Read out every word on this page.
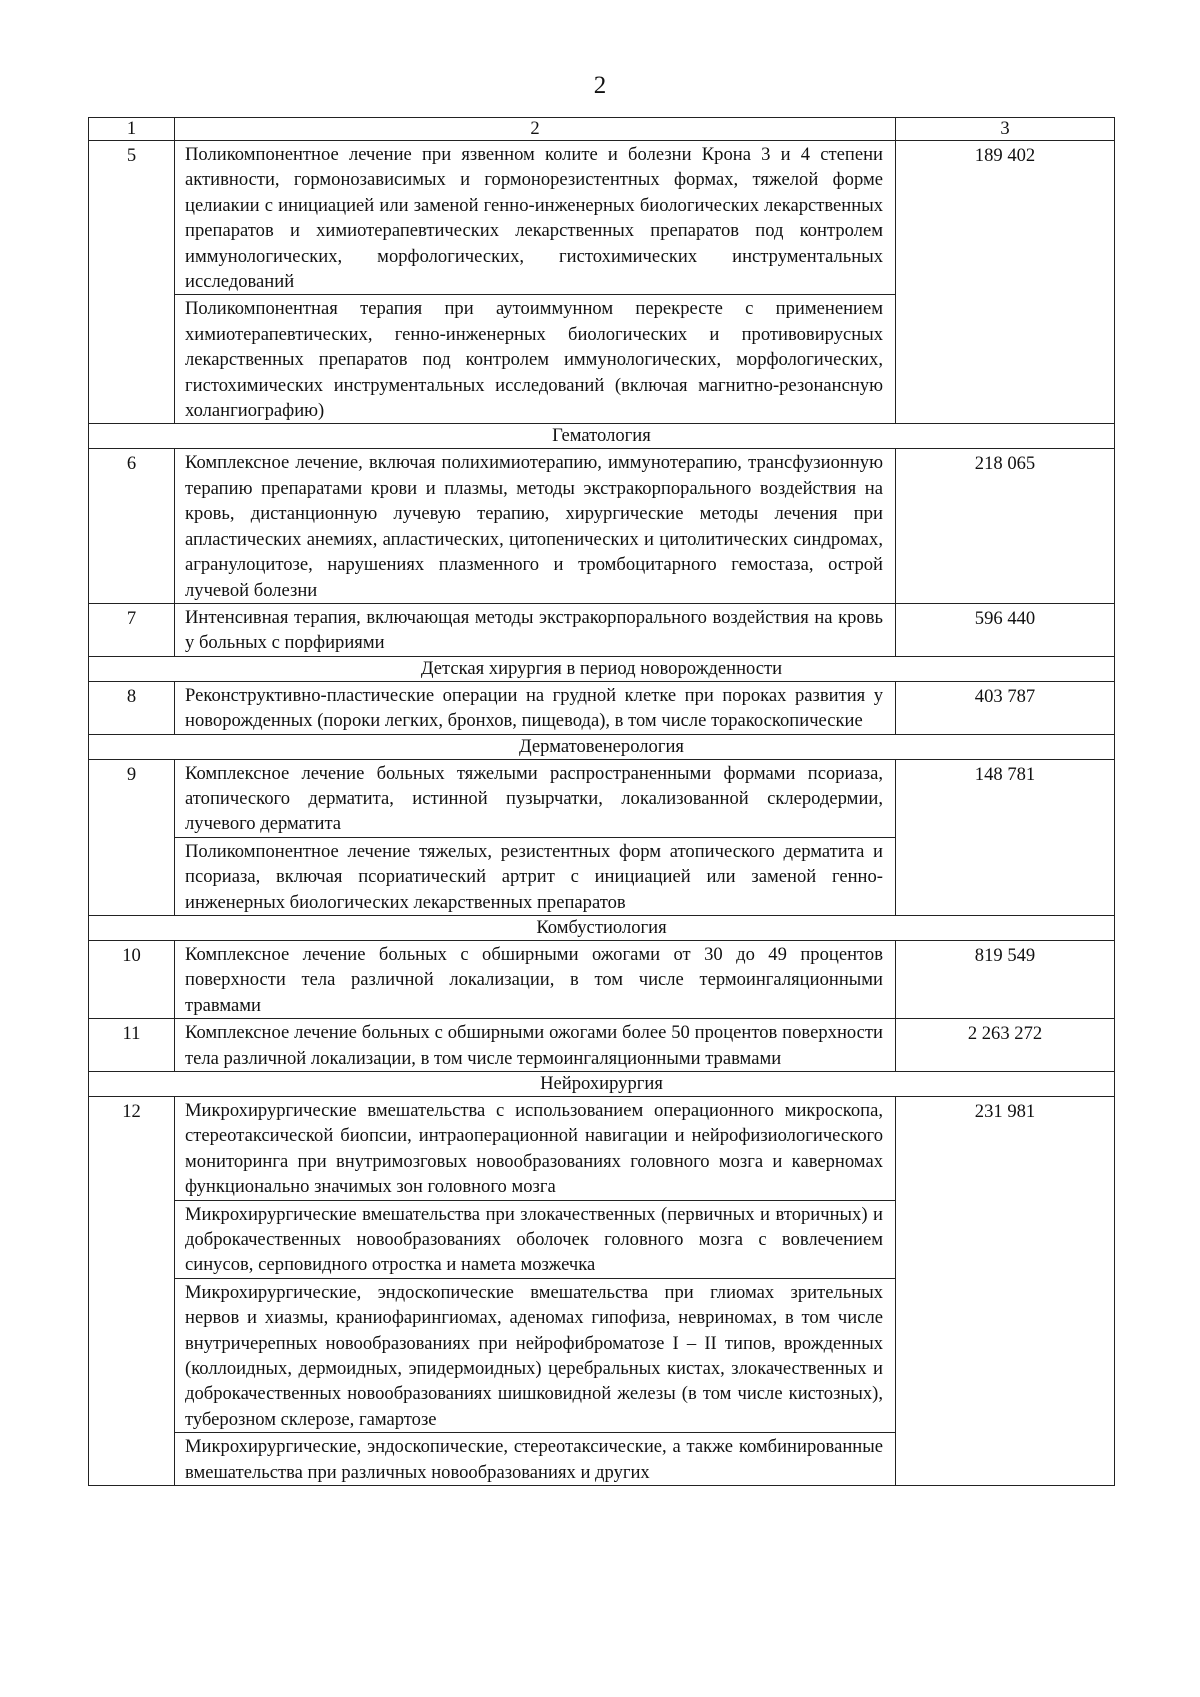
2
1	2	3
5	Поликомпонентное лечение при язвенном колите и болезни Крона 3 и 4 степени активности, гормонозависимых и гормонорезистентных формах, тяжелой форме целиакии с инициацией или заменой генно-инженерных биологических лекарственных препаратов и химиотерапевтических лекарственных препаратов под контролем иммунологических, морфологических, гистохимических инструментальных исследований	189 402
	Поликомпонентная терапия при аутоиммунном перекресте с применением химиотерапевтических, генно-инженерных биологических и противовирусных лекарственных препаратов под контролем иммунологических, морфологических, гистохимических инструментальных исследований (включая магнитно-резонансную холангиографию)	
Гематология		
6	Комплексное лечение, включая полихимиотерапию, иммунотерапию, трансфузионную терапию препаратами крови и плазмы, методы экстракорпорального воздействия на кровь, дистанционную лучевую терапию, хирургические методы лечения при апластических анемиях, апластических, цитопенических и цитолитических синдромах, агранулоцитозе, нарушениях плазменного и тромбоцитарного гемостаза, острой лучевой болезни	218 065
7	Интенсивная терапия, включающая методы экстракорпорального воздействия на кровь у больных с порфириями	596 440
Детская хирургия в период новорожденности		
8	Реконструктивно-пластические операции на грудной клетке при пороках развития у новорожденных (пороки легких, бронхов, пищевода), в том числе торакоскопические	403 787
Дерматовенерология		
9	Комплексное лечение больных тяжелыми распространенными формами псориаза, атопического дерматита, истинной пузырчатки, локализованной склеродермии, лучевого дерматита	148 781
	Поликомпонентное лечение тяжелых, резистентных форм атопического дерматита и псориаза, включая псориатический артрит с инициацией или заменой генно-инженерных биологических лекарственных препаратов	
Комбустиология		
10	Комплексное лечение больных с обширными ожогами от 30 до 49 процентов поверхности тела различной локализации, в том числе термоингаляционными травмами	819 549
11	Комплексное лечение больных с обширными ожогами более 50 процентов поверхности тела различной локализации, в том числе термоингаляционными травмами	2 263 272
Нейрохирургия		
12	Микрохирургические вмешательства с использованием операционного микроскопа, стереотаксической биопсии, интраоперационной навигации и нейрофизиологического мониторинга при внутримозговых новообразованиях головного мозга и каверномах функционально значимых зон головного мозга	231 981
	Микрохирургические вмешательства при злокачественных (первичных и вторичных) и доброкачественных новообразованиях оболочек головного мозга с вовлечением синусов, серповидного отростка и намета мозжечка	
	Микрохирургические, эндоскопические вмешательства при глиомах зрительных нервов и хиазмы, краниофарингиомах, аденомах гипофиза, невриномах, в том числе внутричерепных новообразованиях при нейрофиброматозе I – II типов, врожденных (коллоидных, дермоидных, эпидермоидных) церебральных кистах, злокачественных и доброкачественных новообразованиях шишковидной железы (в том числе кистозных), туберозном склерозе, гамартозе	
	Микрохирургические, эндоскопические, стереотаксические, а также комбинированные вмешательства при различных новообразованиях и других	
